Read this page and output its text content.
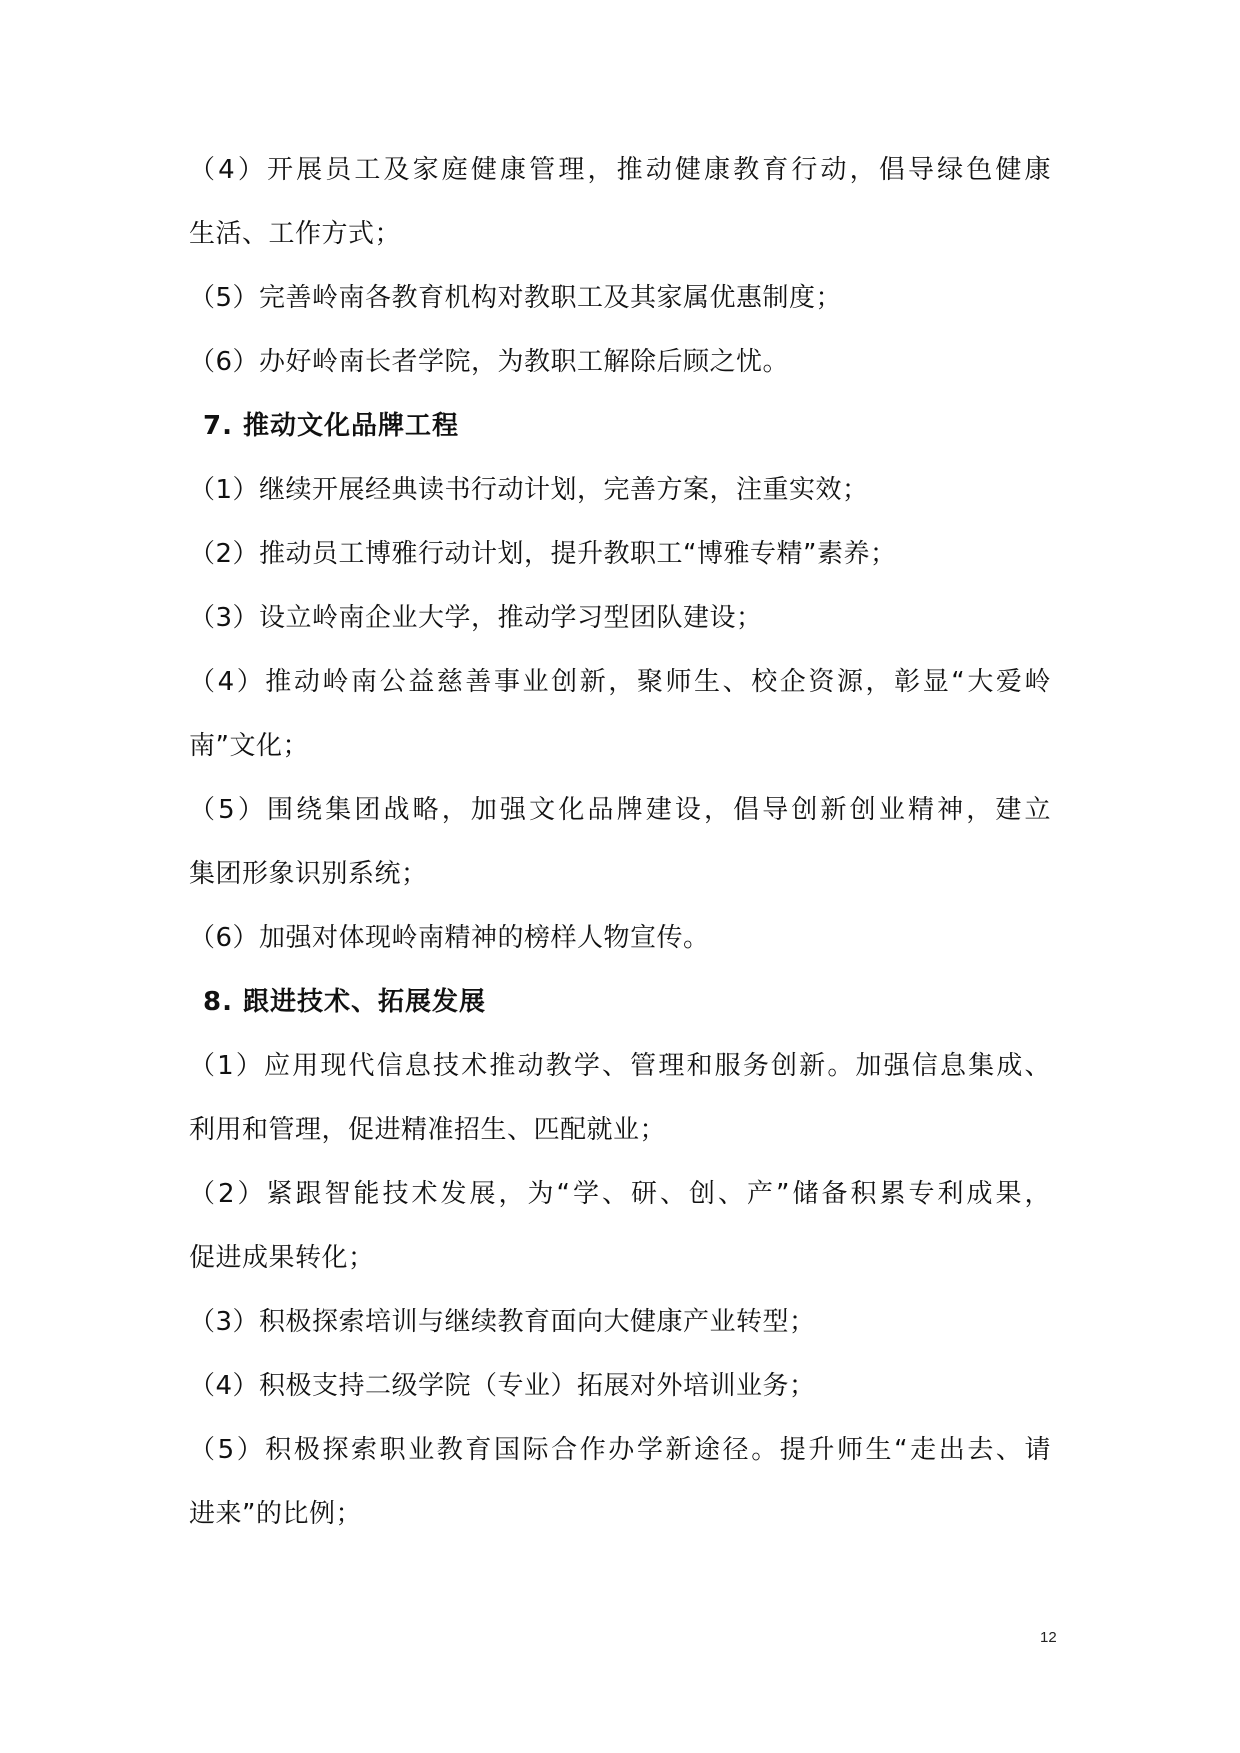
（4）开展员工及家庭健康管理，推动健康教育行动，倡导绿色健康
生活、工作方式；
（5）完善岭南各教育机构对教职工及其家属优惠制度；
（6）办好岭南长者学院，为教职工解除后顾之忧。
7. 推动文化品牌工程
（1）继续开展经典读书行动计划，完善方案，注重实效；
（2）推动员工博雅行动计划，提升教职工“博雅专精”素养；
（3）设立岭南企业大学，推动学习型团队建设；
（4）推动岭南公益慈善事业创新，聚师生、校企资源，彰显“大爱岭
南”文化；
（5）围绕集团战略，加强文化品牌建设，倡导创新创业精神，建立
集团形象识别系统；
（6）加强对体现岭南精神的榜样人物宣传。
8. 跟进技术、拓展发展
（1）应用现代信息技术推动教学、管理和服务创新。加强信息集成、
利用和管理，促进精准招生、匹配就业；
（2）紧跟智能技术发展，为“学、研、创、产”储备积累专利成果，
促进成果转化；
（3）积极探索培训与继续教育面向大健康产业转型；
（4）积极支持二级学院（专业）拓展对外培训业务；
（5）积极探索职业教育国际合作办学新途径。提升师生“走出去、请
进来”的比例；
12
